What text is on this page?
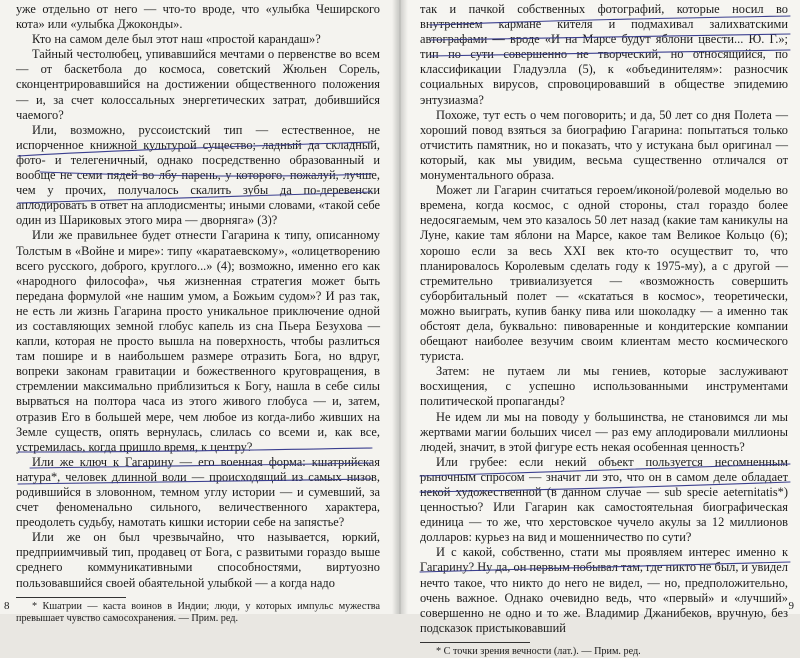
уже отдельно от него — что-то вроде, что «улыбка Чеширского кота» или «улыбка Джоконды».

Кто на самом деле был этот наш «простой карандаш»?

Тайный честолюбец, упивавшийся мечтами о первенстве во всем — от баскетбола до космоса, советский Жюльен Сорель, сконцентрировавшийся на достижении общественного положения — и, за счет колоссальных энергетических затрат, добившийся чаемого?

Или, возможно, руссоистский тип — естественное, не испорченное книжной культурой существо; ладный да складный, фото- и телегеничный, однако посредственно образованный и вообще не семи пядей во лбу парень, у которого, пожалуй, лучше, чем у прочих, получалось скалить зубы да по-деревенски аплодировать в ответ на аплодисменты; иными словами, «такой себе один из Шариковых этого мира — дворняга» (3)?

Или же правильнее будет отнести Гагарина к типу, описанному Толстым в «Войне и мире»: типу «каратаевскому», «олицетворению всего русского, доброго, круглого...» (4); возможно, именно его как «народного философа», чья жизненная стратегия может быть передана формулой «не нашим умом, а Божьим судом»? И раз так, не есть ли жизнь Гагарина просто уникальное приключение одной из составляющих земной глобус капель из сна Пьера Безухова — капли, которая не просто вышла на поверхность, чтобы разлиться там пошире и в наибольшем размере отразить Бога, но вдруг, вопреки законам гравитации и божественного круговращения, в стремлении максимально приблизиться к Богу, нашла в себе силы вырваться на полтора часа из этого живого глобуса — и, затем, отразив Его в большей мере, чем любое из когда-либо живших на Земле существ, опять вернулась, слилась со всеми и, как все, устремилась, когда пришло время, к центру?

Или же ключ к Гагарину — его военная форма: кшатрийская натура*, человек длинной воли — происходящий из самых низов, родившийся в зловонном, темном углу истории — и сумевший, за счет феноменально сильного, величественного характера, преодолеть судьбу, намотать кишки истории себе на запястье?

Или же он был чрезвычайно, что называется, юркий, предприимчивый тип, продавец от Бога, с развитыми гораздо выше среднего коммуникативными способностями, виртуозно пользовавшийся своей обаятельной улыбкой — а когда надо

* Кшатрии — каста воинов в Индии; люди, у которых импульс мужества превышает чувство самосохранения. — Прим. ред.

8

так и пачкой собственных фотографий, которые носил во внутреннем кармане кителя и подмахивал залихватскими автографами — вроде «И на Марсе будут яблони цвести... Ю. Г.»; тип по сути совершенно не творческий, но относящийся, по классификации Гладуэлла (5), к «объединителям»: разносчик социальных вирусов, спровоцировавший в обществе эпидемию энтузиазма?

Похоже, тут есть о чем поговорить; и да, 50 лет со дня Полета — хороший повод взяться за биографию Гагарина: попытаться только отчистить памятник, но и показать, что у истукана был оригинал — который, как мы увидим, весьма существенно отличался от монументального образа.

Может ли Гагарин считаться героем/иконой/ролевой моделью во времена, когда космос, с одной стороны, стал гораздо более недосягаемым, чем это казалось 50 лет назад (какие там каникулы на Луне, какие там яблони на Марсе, какое там Великое Кольцо (6); хорошо если за весь XXI век кто-то осуществит то, что планировалось Королевым сделать году к 1975-му), а с другой — стремительно тривиализуется — «возможность совершить суборбитальный полет — «скататься в космос», теоретически, можно выиграть, купив банку пива или шоколадку — а именно так обстоят дела, буквально: пивоваренные и кондитерские компании обещают наиболее везучим своим клиентам место космического туриста.

Затем: не путаем ли мы гениев, которые заслуживают восхищения, с успешно использованными инструментами политической пропаганды?

Не идем ли мы на поводу у большинства, не становимся ли мы жертвами магии больших чисел — раз ему аплодировали миллионы людей, значит, в этой фигуре есть некая особенная ценность?

Или грубее: если некий объект пользуется несомненным рыночным спросом — значит ли это, что он в самом деле обладает некой художественной (в данном случае — sub specie aeternitatis*) ценностью? Или Гагарин как самостоятельная биографическая единица — то же, что херстовское чучело акулы за 12 миллионов долларов: курьез на вид и мошенничество по сути?

И с какой, собственно, стати мы проявляем интерес именно к Гагарину? Ну да, он первым побывал там, где никто не был, и увидел нечто такое, что никто до него не видел, — но, предположительно, очень важное. Однако очевидно ведь, что «первый» и «лучший» совершенно не одно и то же. Владимир Джанибеков, вручную, без подсказок пристыковавший

* С точки зрения вечности (лат.). — Прим. ред.

9
